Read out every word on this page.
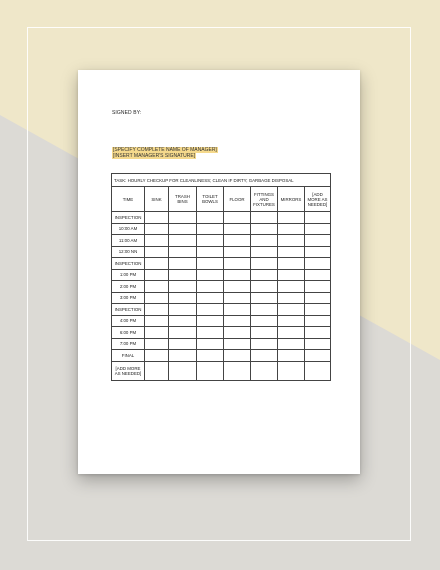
SIGNED BY:
[SPECIFY COMPLETE NAME OF MANAGER]
[INSERT MANAGER'S SIGNATURE]
TASK: HOURLY CHECKUP FOR CLEANLINESS; CLEAN IF DIRTY; GARBAGE DISPOSAL							
TIME	SINK	TRASH BINS	TOILET BOWLS	FLOOR	FITTINGS AND FIXTURES	MIRRORS	[ADD MORE AS NEEDED]
INSPECTION							
10:00 AM							
11:00 AM							
12:00 NN							
INSPECTION							
1:00 PM							
2:00 PM							
3:00 PM							
INSPECTION							
4:00 PM							
6:00 PM							
7:00 PM							
FINAL							
[ADD MORE AS NEEDED]							
